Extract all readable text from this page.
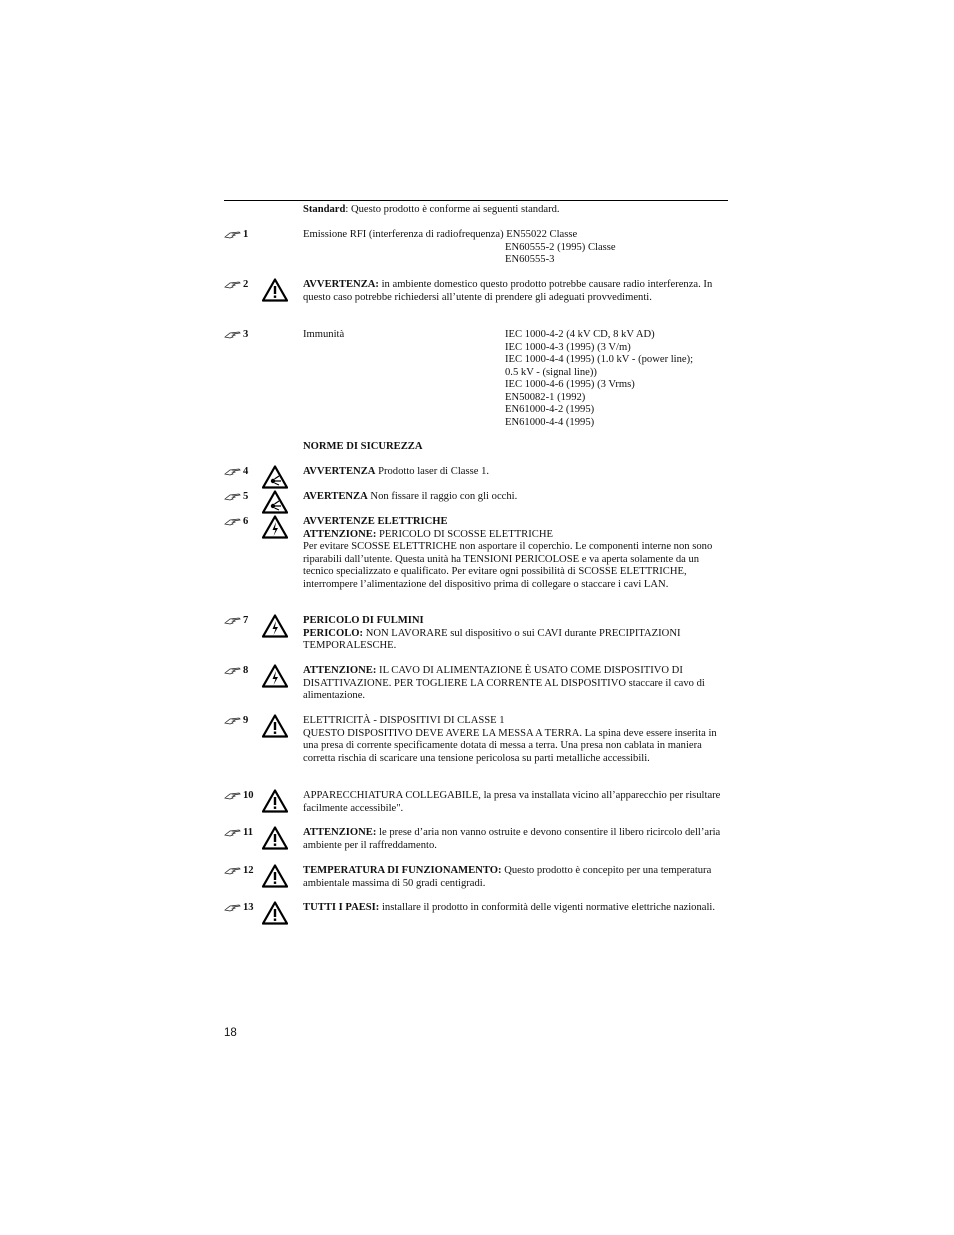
Standard: Questo prodotto è conforme ai seguenti standard.
1	Emissione RFI (interferenza di radiofrequenza) EN55022 Classe
EN60555-2 (1995) Classe
EN60555-3
2	AVVERTENZA: in ambiente domestico questo prodotto potrebbe causare radio interferenza. In questo caso potrebbe richiedersi all’utente di prendere gli adeguati provvedimenti.
3	Immunità	IEC 1000-4-2 (4 kV CD, 8 kV AD)
IEC 1000-4-3 (1995) (3 V/m)
IEC 1000-4-4 (1995) (1.0 kV - (power line);
0.5 kV - (signal line))
IEC 1000-4-6 (1995) (3 Vrms)
EN50082-1 (1992)
EN61000-4-2 (1995)
EN61000-4-4 (1995)
NORME DI SICUREZZA
4	AVVERTENZA Prodotto laser di Classe 1.
5	AVERTENZA Non fissare il raggio con gli occhi.
6	AVVERTENZE ELETTRICHE
ATTENZIONE: PERICOLO DI SCOSSE ELETTRICHE
Per evitare SCOSSE ELETTRICHE non asportare il coperchio. Le componenti interne non sono riparabili dall’utente. Questa unità ha TENSIONI PERICOLOSE e va aperta solamente da un tecnico specializzato e qualificato. Per evitare ogni possibilità di SCOSSE ELETTRICHE, interrompere l’alimentazione del dispositivo prima di collegare o staccare i cavi LAN.
7	PERICOLO DI FULMINI
PERICOLO: NON LAVORARE sul dispositivo o sui CAVI durante PRECIPITAZIONI TEMPORALESCHE.
8	ATTENZIONE: IL CAVO DI ALIMENTAZIONE È USATO COME DISPOSITIVO DI DISATTIVAZIONE. PER TOGLIERE LA CORRENTE AL DISPOSITIVO staccare il cavo di alimentazione.
9	ELETTRICITÀ - DISPOSITIVI DI CLASSE 1
QUESTO DISPOSITIVO DEVE AVERE LA MESSA A TERRA. La spina deve essere inserita in una presa di corrente specificamente dotata di messa a terra. Una presa non cablata in maniera corretta rischia di scaricare una tensione pericolosa su parti metalliche accessibili.
10	APPARECCHIATURA COLLEGABILE, la presa va installata vicino all’apparecchio per risultare facilmente accessibile".
11	ATTENZIONE: le prese d’aria non vanno ostruite e devono consentire il libero ricircolo dell’aria ambiente per il raffreddamento.
12	TEMPERATURA DI FUNZIONAMENTO: Questo prodotto è concepito per una temperatura ambientale massima di 50 gradi centigradi.
13	TUTTI I PAESI: installare il prodotto in conformità delle vigenti normative elettriche nazionali.
18
